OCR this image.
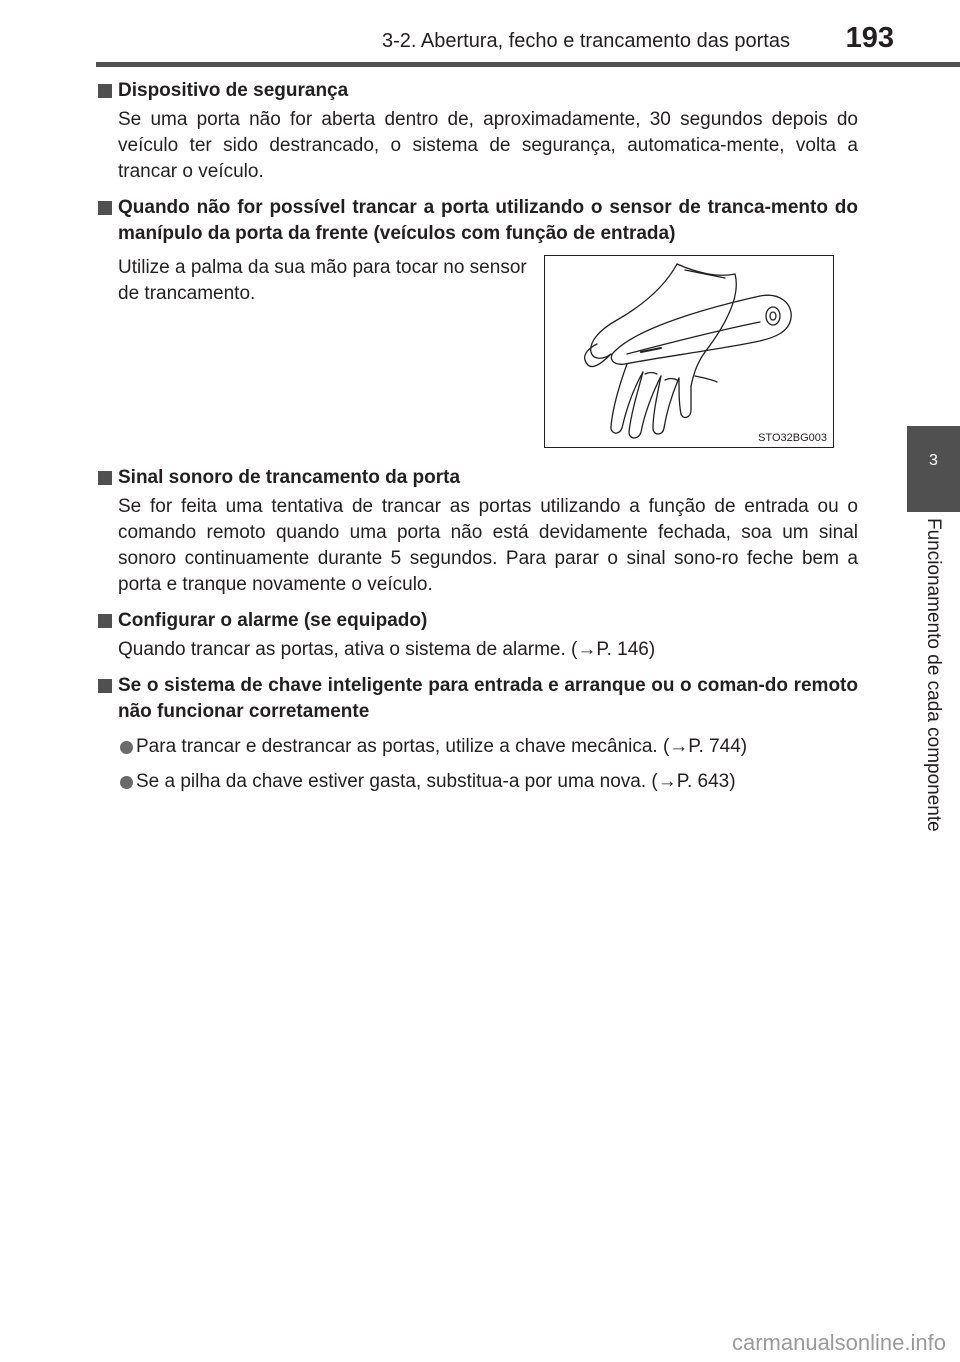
3-2. Abertura, fecho e trancamento das portas 193
3
Funcionamento de cada componente
Dispositivo de segurança
Se uma porta não for aberta dentro de, aproximadamente, 30 segundos depois do veículo ter sido destrancado, o sistema de segurança, automatica-mente, volta a trancar o veículo.
Quando não for possível trancar a porta utilizando o sensor de tranca-mento do manípulo da porta da frente (veículos com função de entrada)
Utilize a palma da sua mão para tocar no sensor de trancamento.
STO32BG003
Sinal sonoro de trancamento da porta
Se for feita uma tentativa de trancar as portas utilizando a função de entrada ou o comando remoto quando uma porta não está devidamente fechada, soa um sinal sonoro continuamente durante 5 segundos. Para parar o sinal sono-ro feche bem a porta e tranque novamente o veículo.
Configurar o alarme (se equipado)
Quando trancar as portas, ativa o sistema de alarme. (→P. 146)
Se o sistema de chave inteligente para entrada e arranque ou o coman-do remoto não funcionar corretamente
Para trancar e destrancar as portas, utilize a chave mecânica. (→P. 744)
Se a pilha da chave estiver gasta, substitua-a por uma nova. (→P. 643)
carmanualsonline.info
